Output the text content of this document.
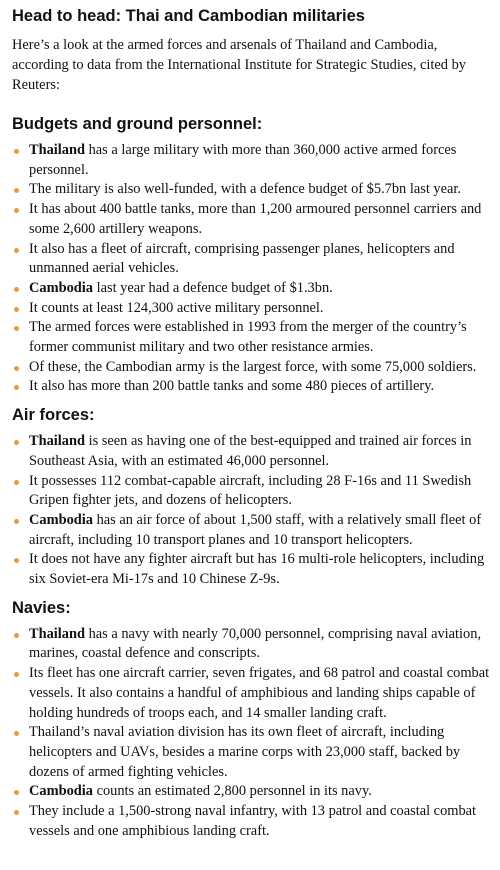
Head to head: Thai and Cambodian militaries

Here’s a look at the armed forces and arsenals of Thailand and Cambodia, according to data from the International Institute for Strategic Studies, cited by Reuters:

Budgets and ground personnel:
Thailand has a large military with more than 360,000 active armed forces personnel.
The military is also well-funded, with a defence budget of $5.7bn last year.
It has about 400 battle tanks, more than 1,200 armoured personnel carriers and some 2,600 artillery weapons.
It also has a fleet of aircraft, comprising passenger planes, helicopters and unmanned aerial vehicles.
Cambodia last year had a defence budget of $1.3bn.
It counts at least 124,300 active military personnel.
The armed forces were established in 1993 from the merger of the country’s former communist military and two other resistance armies.
Of these, the Cambodian army is the largest force, with some 75,000 soldiers.
It also has more than 200 battle tanks and some 480 pieces of artillery.
Air forces:
Thailand is seen as having one of the best-equipped and trained air forces in Southeast Asia, with an estimated 46,000 personnel.
It possesses 112 combat-capable aircraft, including 28 F-16s and 11 Swedish Gripen fighter jets, and dozens of helicopters.
Cambodia has an air force of about 1,500 staff, with a relatively small fleet of aircraft, including 10 transport planes and 10 transport helicopters.
It does not have any fighter aircraft but has 16 multi-role helicopters, including six Soviet-era Mi-17s and 10 Chinese Z-9s.
Navies:
Thailand has a navy with nearly 70,000 personnel, comprising naval aviation, marines, coastal defence and conscripts.
Its fleet has one aircraft carrier, seven frigates, and 68 patrol and coastal combat vessels. It also contains a handful of amphibious and landing ships capable of holding hundreds of troops each, and 14 smaller landing craft.
Thailand’s naval aviation division has its own fleet of aircraft, including helicopters and UAVs, besides a marine corps with 23,000 staff, backed by dozens of armed fighting vehicles.
Cambodia counts an estimated 2,800 personnel in its navy.
They include a 1,500-strong naval infantry, with 13 patrol and coastal combat vessels and one amphibious landing craft.
